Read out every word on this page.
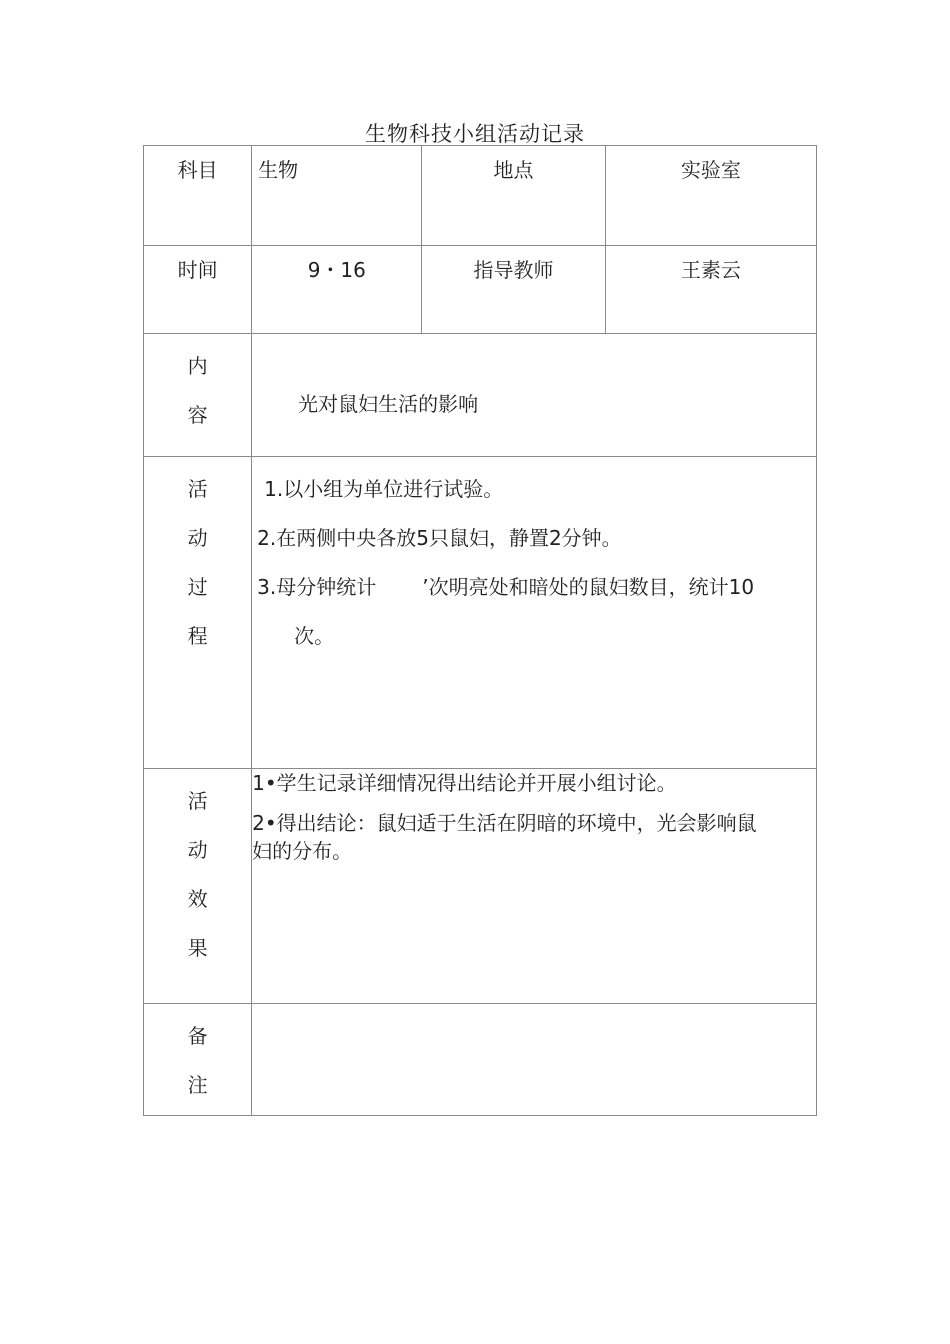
生物科技小组活动记录
科目	生物	地点	实验室
时间	9・16	指导教师	王素云

内
容	光对鼠妇生活的影响		

活
动
过
程	1.以小组为单位进行试验。
2.在两侧中央各放5只鼠妇，静置2分钟。
3.母分钟统计 ’次明亮处和暗处的鼠妇数目，统计10
次。		

活
动
效
果	1•学生记录详细情况得出结论并开展小组讨论。
2•得出结论：鼠妇适于生活在阴暗的环境中，光会影响鼠
妇的分布。		

备
注			
